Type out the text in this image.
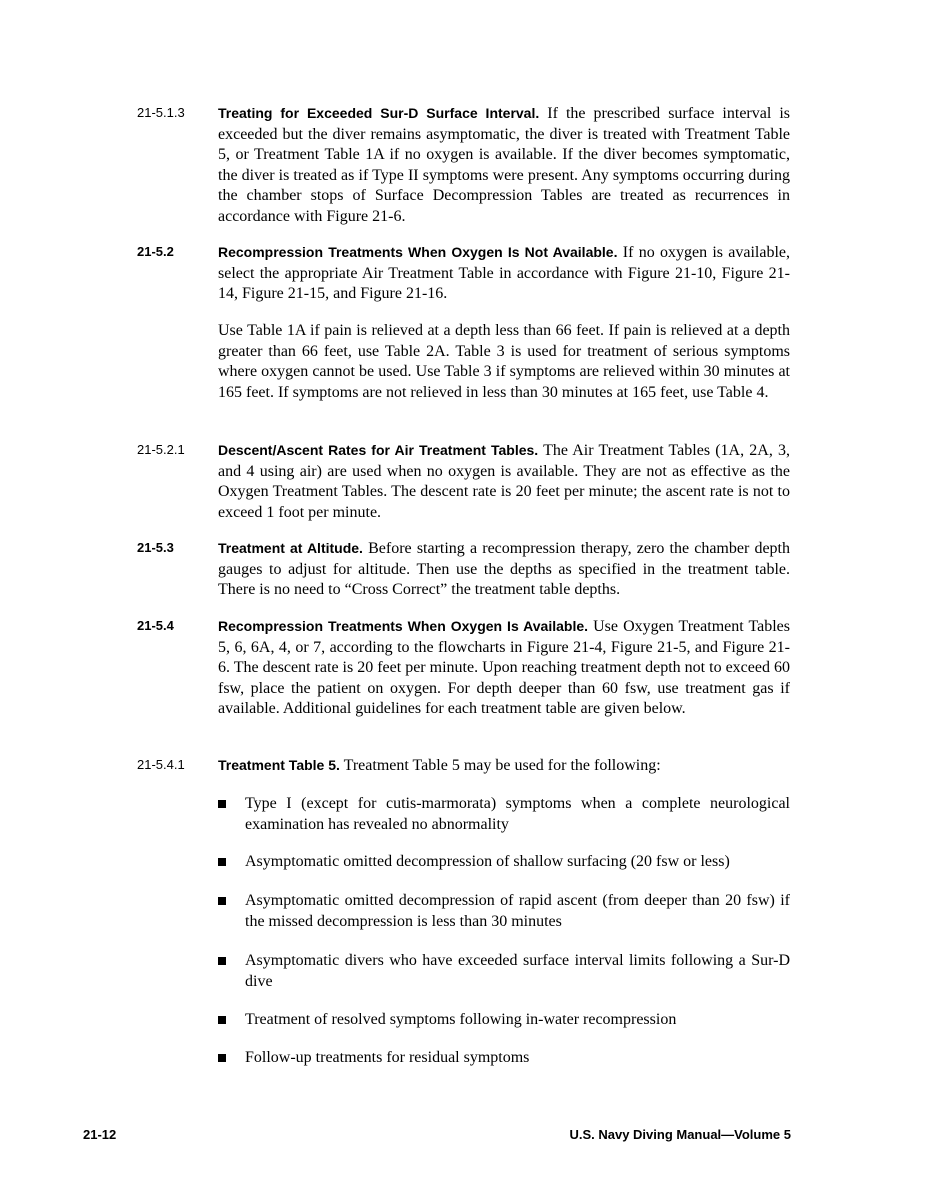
21-5.1.3 Treating for Exceeded Sur-D Surface Interval. If the prescribed surface interval is exceeded but the diver remains asymptomatic, the diver is treated with Treatment Table 5, or Treatment Table 1A if no oxygen is available. If the diver becomes symptomatic, the diver is treated as if Type II symptoms were present. Any symptoms occurring during the chamber stops of Surface Decompression Tables are treated as recurrences in accordance with Figure 21-6.
21-5.2	Recompression Treatments When Oxygen Is Not Available. If no oxygen is available, select the appropriate Air Treatment Table in accordance with Figure 21-10, Figure 21-14, Figure 21-15, and Figure 21-16.
Use Table 1A if pain is relieved at a depth less than 66 feet. If pain is relieved at a depth greater than 66 feet, use Table 2A. Table 3 is used for treatment of serious symptoms where oxygen cannot be used. Use Table 3 if symptoms are relieved within 30 minutes at 165 feet. If symptoms are not relieved in less than 30 minutes at 165 feet, use Table 4.
21-5.2.1 Descent/Ascent Rates for Air Treatment Tables. The Air Treatment Tables (1A, 2A, 3, and 4 using air) are used when no oxygen is available. They are not as effective as the Oxygen Treatment Tables. The descent rate is 20 feet per minute; the ascent rate is not to exceed 1 foot per minute.
21-5.3	Treatment at Altitude. Before starting a recompression therapy, zero the chamber depth gauges to adjust for altitude. Then use the depths as specified in the treatment table. There is no need to “Cross Correct” the treatment table depths.
21-5.4	Recompression Treatments When Oxygen Is Available. Use Oxygen Treatment Tables 5, 6, 6A, 4, or 7, according to the flowcharts in Figure 21-4, Figure 21-5, and Figure 21-6. The descent rate is 20 feet per minute. Upon reaching treatment depth not to exceed 60 fsw, place the patient on oxygen. For depth deeper than 60 fsw, use treatment gas if available. Additional guidelines for each treatment table are given below.
21-5.4.1 Treatment Table 5. Treatment Table 5 may be used for the following:
Type I (except for cutis-marmorata) symptoms when a complete neurological examination has revealed no abnormality
Asymptomatic omitted decompression of shallow surfacing (20 fsw or less)
Asymptomatic omitted decompression of rapid ascent (from deeper than 20 fsw) if the missed decompression is less than 30 minutes
Asymptomatic divers who have exceeded surface interval limits following a Sur-D dive
Treatment of resolved symptoms following in-water recompression
Follow-up treatments for residual symptoms
21-12	U.S. Navy Diving Manual—Volume 5
